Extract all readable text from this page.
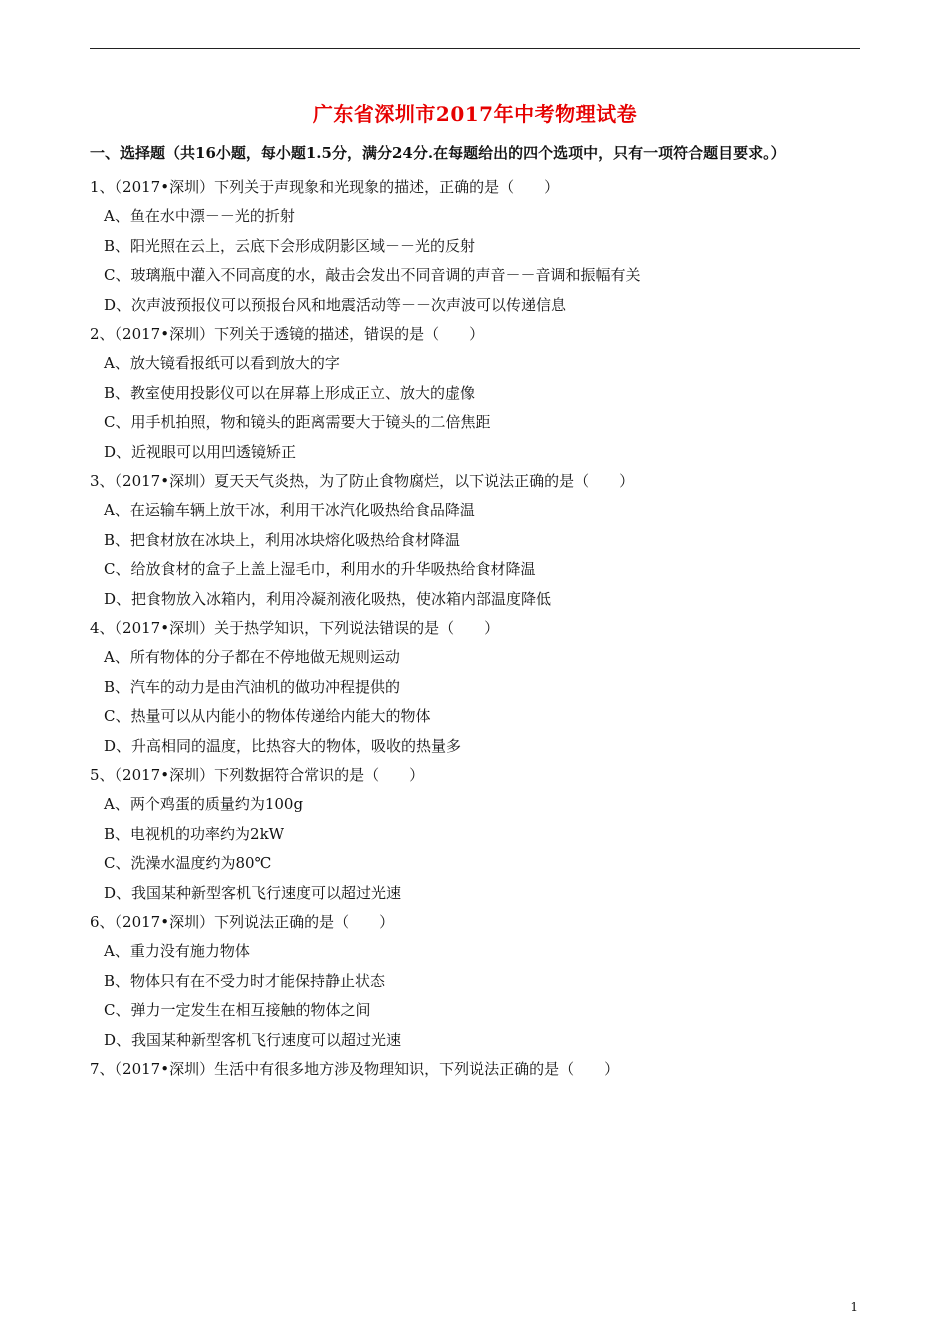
广东省深圳市2017年中考物理试卷
一、选择题（共16小题，每小题1.5分，满分24分.在每题给出的四个选项中，只有一项符合题目要求。）
1、（2017•深圳）下列关于声现象和光现象的描述，正确的是（　　）
A、鱼在水中漂－－光的折射
B、阳光照在云上，云底下会形成阴影区域－－光的反射
C、玻璃瓶中灌入不同高度的水，敲击会发出不同音调的声音－－音调和振幅有关
D、次声波预报仪可以预报台风和地震活动等－－次声波可以传递信息
2、（2017•深圳）下列关于透镜的描述，错误的是（　　）
A、放大镜看报纸可以看到放大的字
B、教室使用投影仪可以在屏幕上形成正立、放大的虚像
C、用手机拍照，物和镜头的距离需要大于镜头的二倍焦距
D、近视眼可以用凹透镜矫正
3、（2017•深圳）夏天天气炎热，为了防止食物腐烂，以下说法正确的是（　　）
A、在运输车辆上放干冰，利用干冰汽化吸热给食品降温
B、把食材放在冰块上，利用冰块熔化吸热给食材降温
C、给放食材的盒子上盖上湿毛巾，利用水的升华吸热给食材降温
D、把食物放入冰箱内，利用冷凝剂液化吸热，使冰箱内部温度降低
4、（2017•深圳）关于热学知识，下列说法错误的是（　　）
A、所有物体的分子都在不停地做无规则运动
B、汽车的动力是由汽油机的做功冲程提供的
C、热量可以从内能小的物体传递给内能大的物体
D、升高相同的温度，比热容大的物体，吸收的热量多
5、（2017•深圳）下列数据符合常识的是（　　）
A、两个鸡蛋的质量约为100g
B、电视机的功率约为2kW
C、洗澡水温度约为80℃
D、我国某种新型客机飞行速度可以超过光速
6、（2017•深圳）下列说法正确的是（　　）
A、重力没有施力物体
B、物体只有在不受力时才能保持静止状态
C、弹力一定发生在相互接触的物体之间
D、我国某种新型客机飞行速度可以超过光速
7、（2017•深圳）生活中有很多地方涉及物理知识，下列说法正确的是（　　）
1
